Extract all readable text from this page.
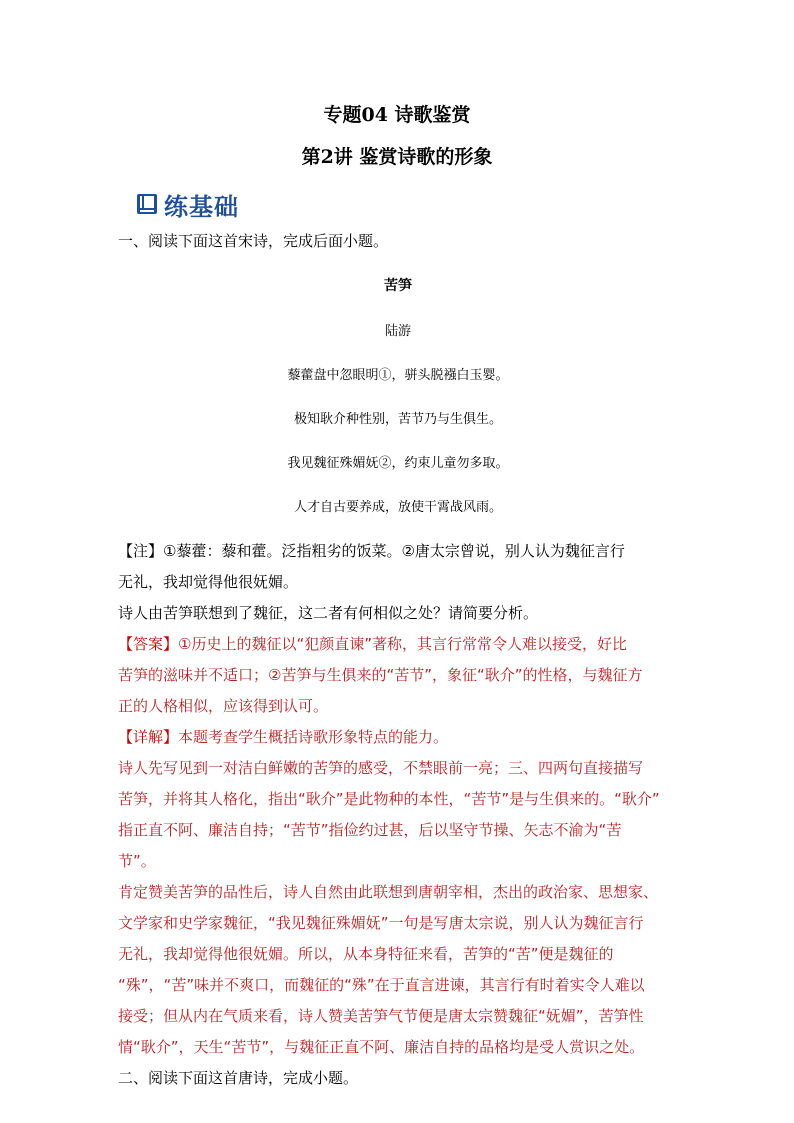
专题04 诗歌鉴赏
第2讲 鉴赏诗歌的形象
练基础

一、阅读下面这首宋诗，完成后面小题。

苦笋

陆游

藜藿盘中忽眼明①，骈头脱襁白玉婴。

极知耿介种性别，苦节乃与生俱生。

我见魏征殊媚妩②，约束儿童勿多取。

人才自古要养成，放使干霄战风雨。

【注】①藜藿：藜和藿。泛指粗劣的饭菜。②唐太宗曾说，别人认为魏征言行

无礼，我却觉得他很妩媚。

诗人由苦笋联想到了魏征，这二者有何相似之处？请简要分析。

【答案】①历史上的魏征以“犯颜直谏”著称，其言行常常令人难以接受，好比

苦笋的滋味并不适口；②苦笋与生俱来的“苦节”，象征“耿介”的性格，与魏征方

正的人格相似，应该得到认可。

【详解】本题考查学生概括诗歌形象特点的能力。

诗人先写见到一对洁白鲜嫩的苦笋的感受，不禁眼前一亮；三、四两句直接描写

苦笋，并将其人格化，指出“耿介”是此物种的本性，“苦节”是与生俱来的。“耿介”

指正直不阿、廉洁自持；“苦节”指俭约过甚，后以坚守节操、矢志不渝为“苦

节”。

肯定赞美苦笋的品性后，诗人自然由此联想到唐朝宰相，杰出的政治家、思想家、

文学家和史学家魏征，“我见魏征殊媚妩”一句是写唐太宗说，别人认为魏征言行

无礼，我却觉得他很妩媚。所以，从本身特征来看，苦笋的“苦”便是魏征的

“殊”，“苦”味并不爽口，而魏征的“殊”在于直言进谏，其言行有时着实令人难以

接受；但从内在气质来看，诗人赞美苦笋气节便是唐太宗赞魏征“妩媚”，苦笋性

情“耿介”，天生“苦节”，与魏征正直不阿、廉洁自持的品格均是受人赏识之处。

二、阅读下面这首唐诗，完成小题。
